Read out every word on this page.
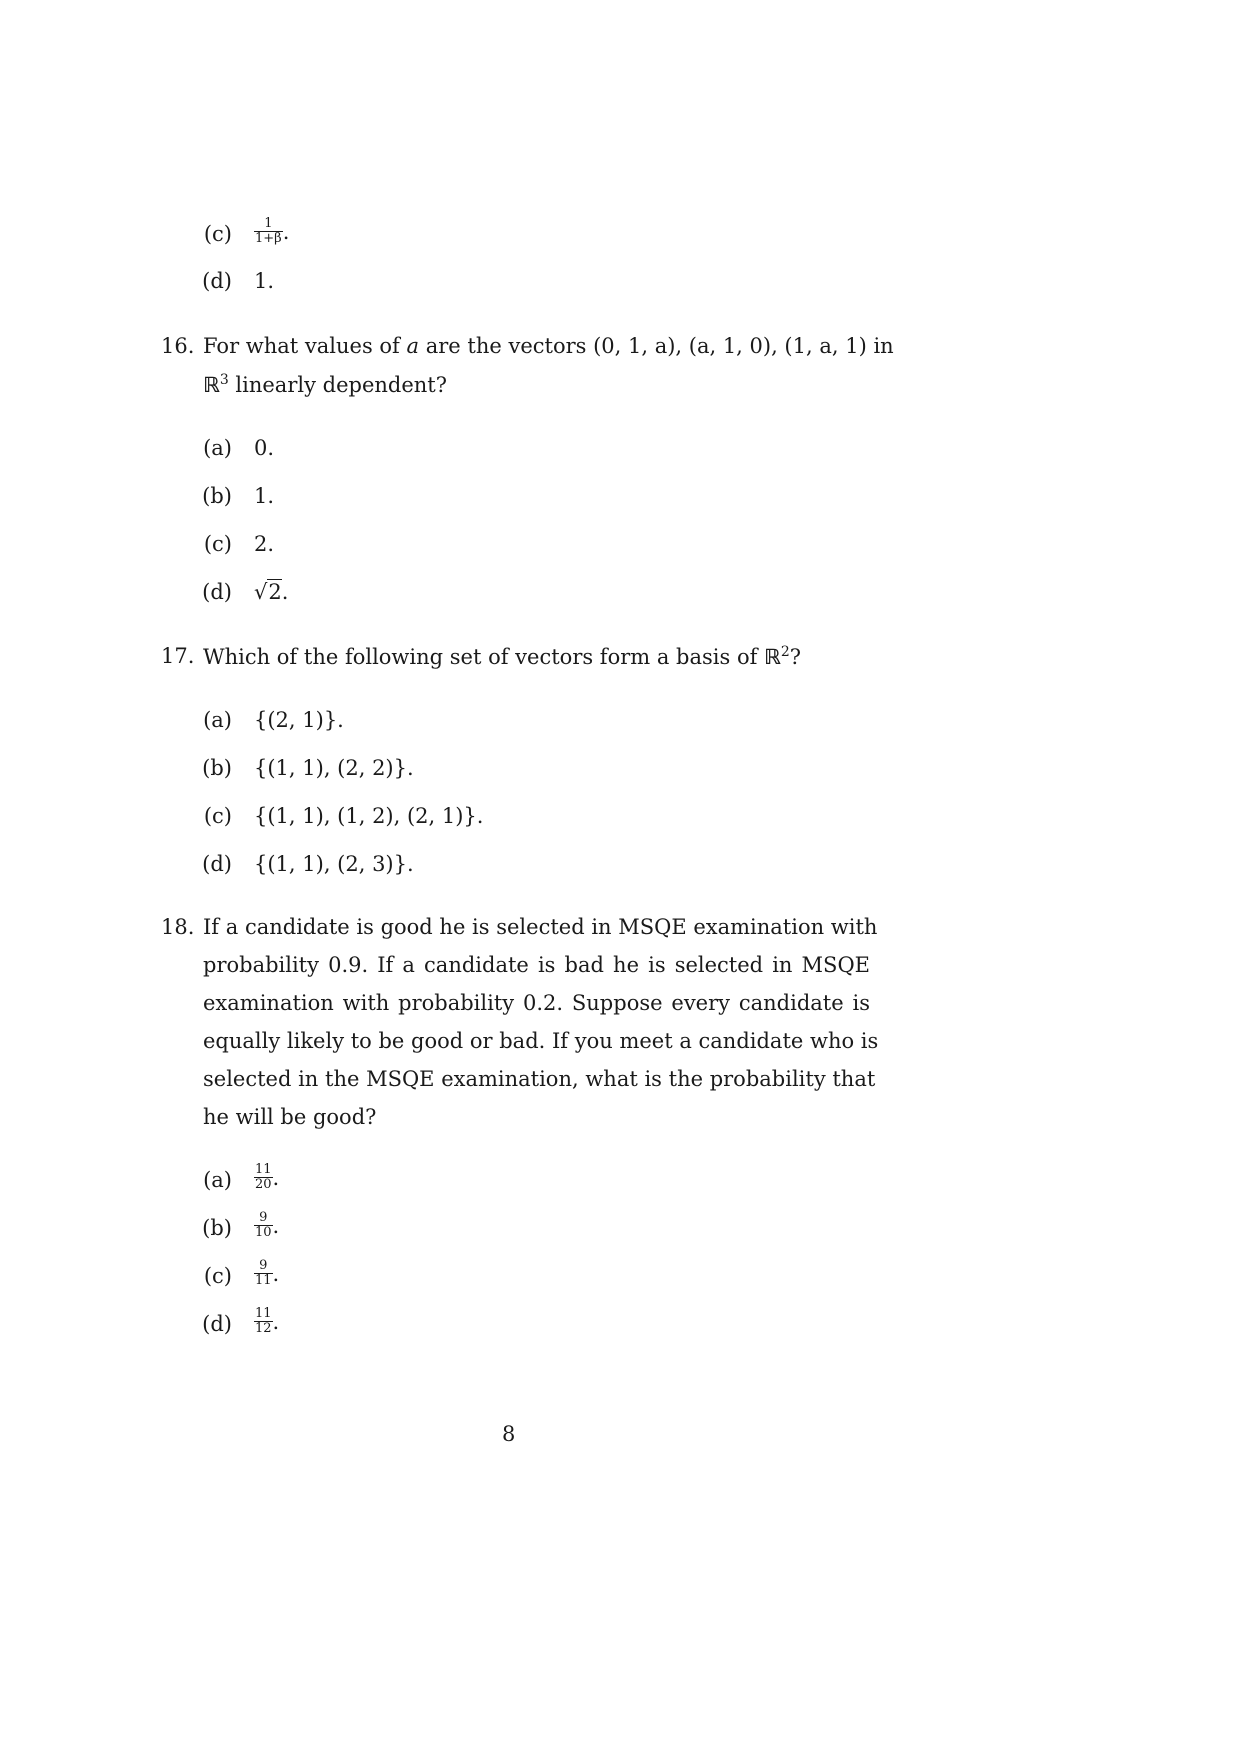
$(c) \frac{1}{1+\beta}$ .
(d) 1.
16. For what values of a are the vectors (0, 1, a), (a, 1, 0), (1, a, 1) in
ℝ$^3$ linearly dependent?
(a) 0.
(b) 1.
(c) 2.
(d) √2.
17. Which of the following set of vectors form a basis of ℝ$^2$?
(a) {(2, 1)}.
(b) {(1, 1), (2, 2)}.
(c) {(1, 1), (1, 2), (2, 1)}.
(d) {(1, 1), (2, 3)}.
18. If a candidate is good he is selected in MSQE examination with
probability 0.9. If a candidate is bad he is selected in MSQE
examination with probability 0.2. Suppose every candidate is
equally likely to be good or bad. If you meet a candidate who is
selected in the MSQE examination, what is the probability that
he will be good?
$(a) \frac{11}{20}$ .
$(b) \frac{9}{10}$ .
$(c) \frac{9}{11}$ .
$(d) \frac{11}{12}$ .
8
